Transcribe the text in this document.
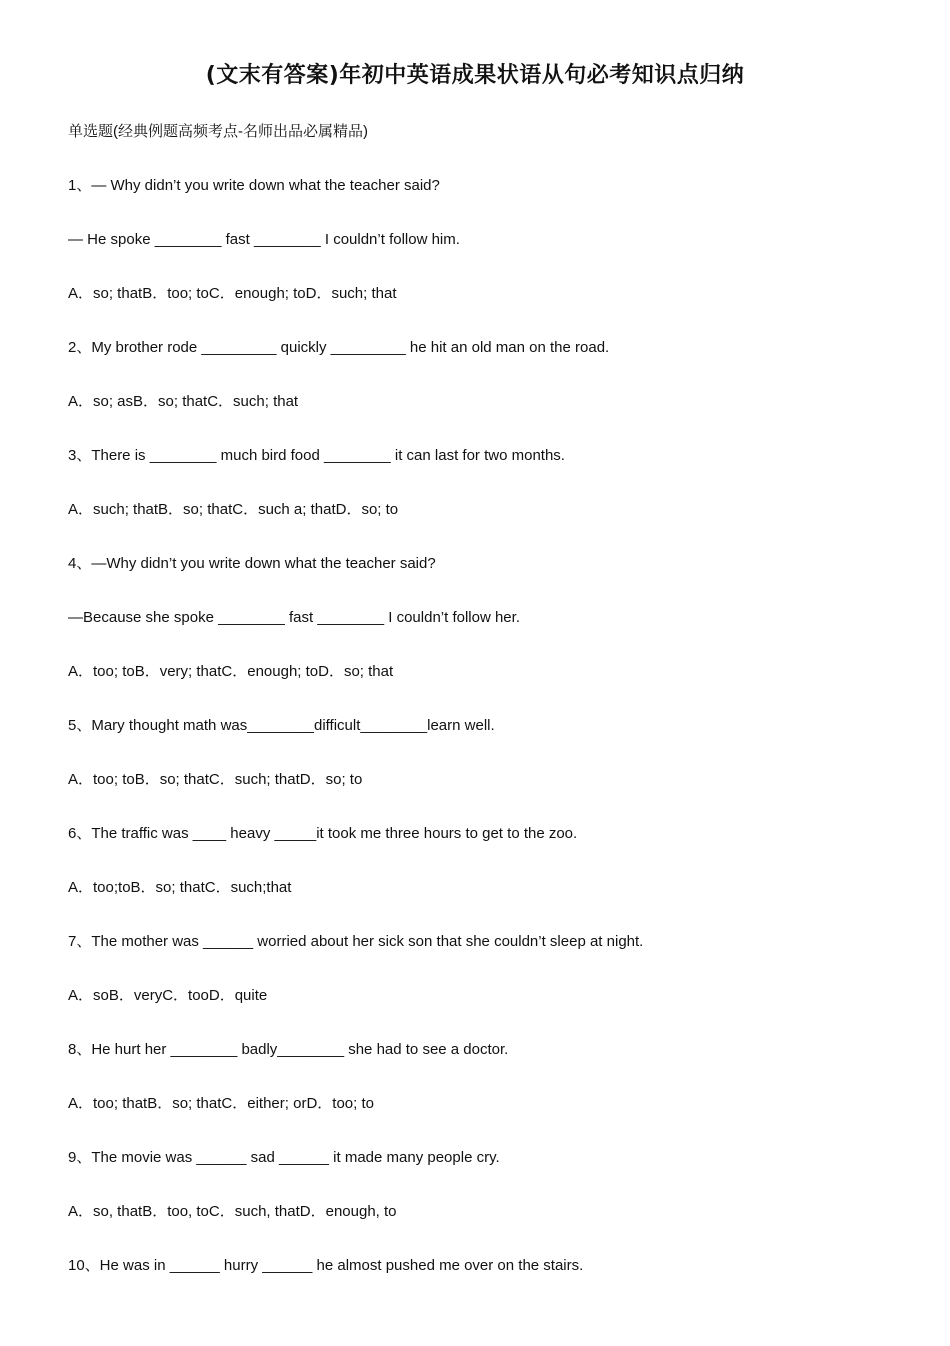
(文末有答案)年初中英语成果状语从句必考知识点归纳
单选题(经典例题高频考点-名师出品必属精品)
1、— Why didn’t you write down what the teacher said?
— He spoke ________ fast ________ I couldn’t follow him.
A．so; thatB．too; toC．enough; toD．such; that
2、My brother rode _________ quickly _________ he hit an old man on the road.
A．so; asB．so; thatC．such; that
3、There is ________ much bird food ________ it can last for two months.
A．such; thatB．so; thatC．such a; thatD．so; to
4、—Why didn’t you write down what the teacher said?
—Because she spoke ________ fast ________ I couldn’t follow her.
A．too; toB．very; thatC．enough; toD．so; that
5、Mary thought math was________difficult________learn well.
A．too; toB．so; thatC．such; thatD．so; to
6、The traffic was ____ heavy _____it took me three hours to get to the zoo.
A．too;toB．so; thatC．such;that
7、The mother was ______ worried about her sick son that she couldn’t sleep at night.
A．soB．veryC．tooD．quite
8、He hurt her ________ badly________ she had to see a doctor.
A．too; thatB．so; thatC．either; orD．too; to
9、The movie was ______ sad ______ it made many people cry.
A．so, thatB．too, toC．such, thatD．enough, to
10、He was in ______ hurry ______ he almost pushed me over on the stairs.
